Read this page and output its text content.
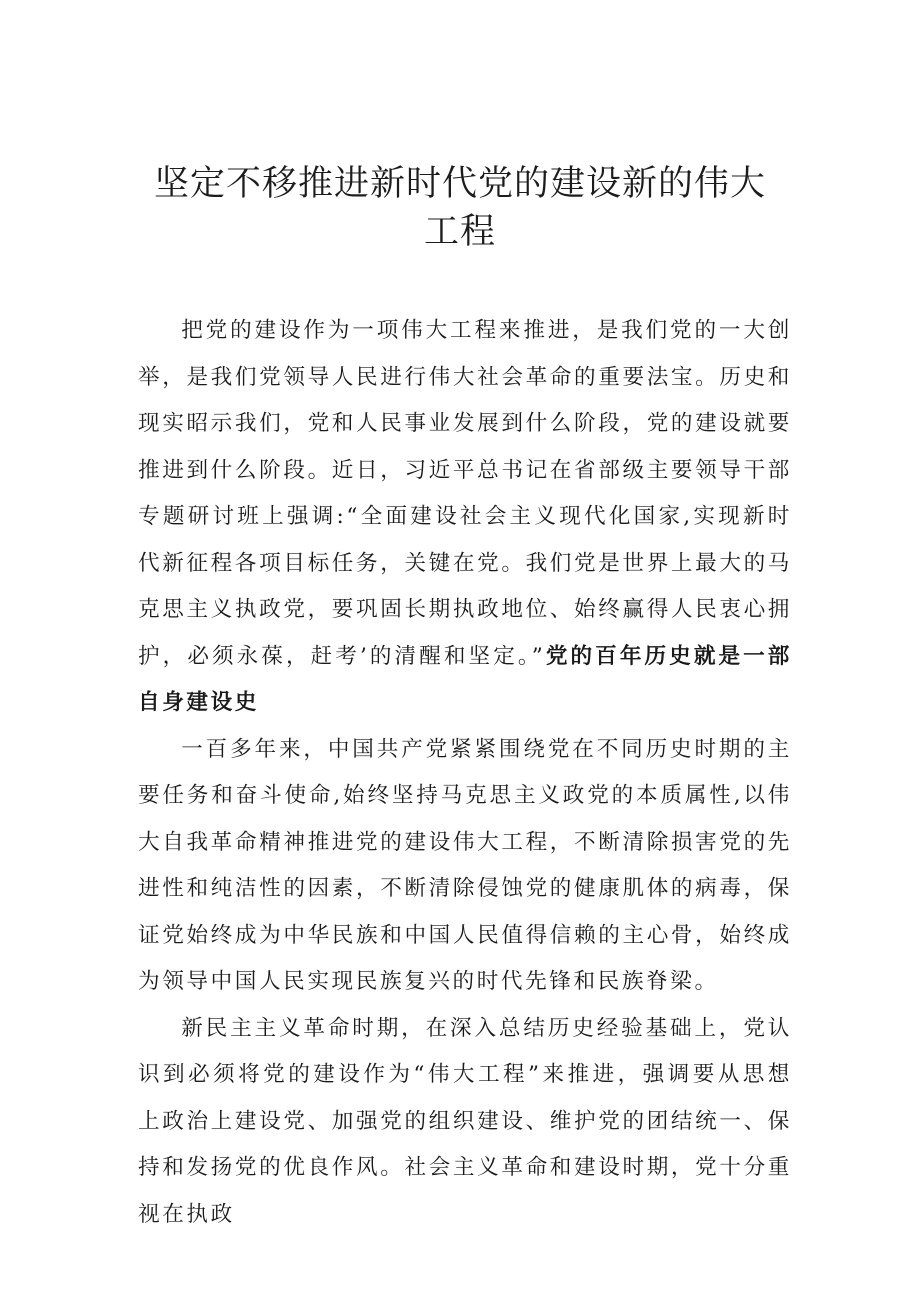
坚定不移推进新时代党的建设新的伟大工程

把党的建设作为一项伟大工程来推进，是我们党的一大创举，是我们党领导人民进行伟大社会革命的重要法宝。历史和现实昭示我们，党和人民事业发展到什么阶段，党的建设就要推进到什么阶段。近日，习近平总书记在省部级主要领导干部专题研讨班上强调:“全面建设社会主义现代化国家,实现新时代新征程各项目标任务，关键在党。我们党是世界上最大的马克思主义执政党，要巩固长期执政地位、始终赢得人民衷心拥护，必须永葆，赶考’的清醒和坚定。”党的百年历史就是一部自身建设史

一百多年来，中国共产党紧紧围绕党在不同历史时期的主要任务和奋斗使命,始终坚持马克思主义政党的本质属性,以伟大自我革命精神推进党的建设伟大工程，不断清除损害党的先进性和纯洁性的因素，不断清除侵蚀党的健康肌体的病毒，保证党始终成为中华民族和中国人民值得信赖的主心骨，始终成为领导中国人民实现民族复兴的时代先锋和民族脊梁。

新民主主义革命时期，在深入总结历史经验基础上，党认识到必须将党的建设作为“伟大工程”来推进，强调要从思想上政治上建设党、加强党的组织建设、维护党的团结统一、保持和发扬党的优良作风。社会主义革命和建设时期，党十分重视在执政
